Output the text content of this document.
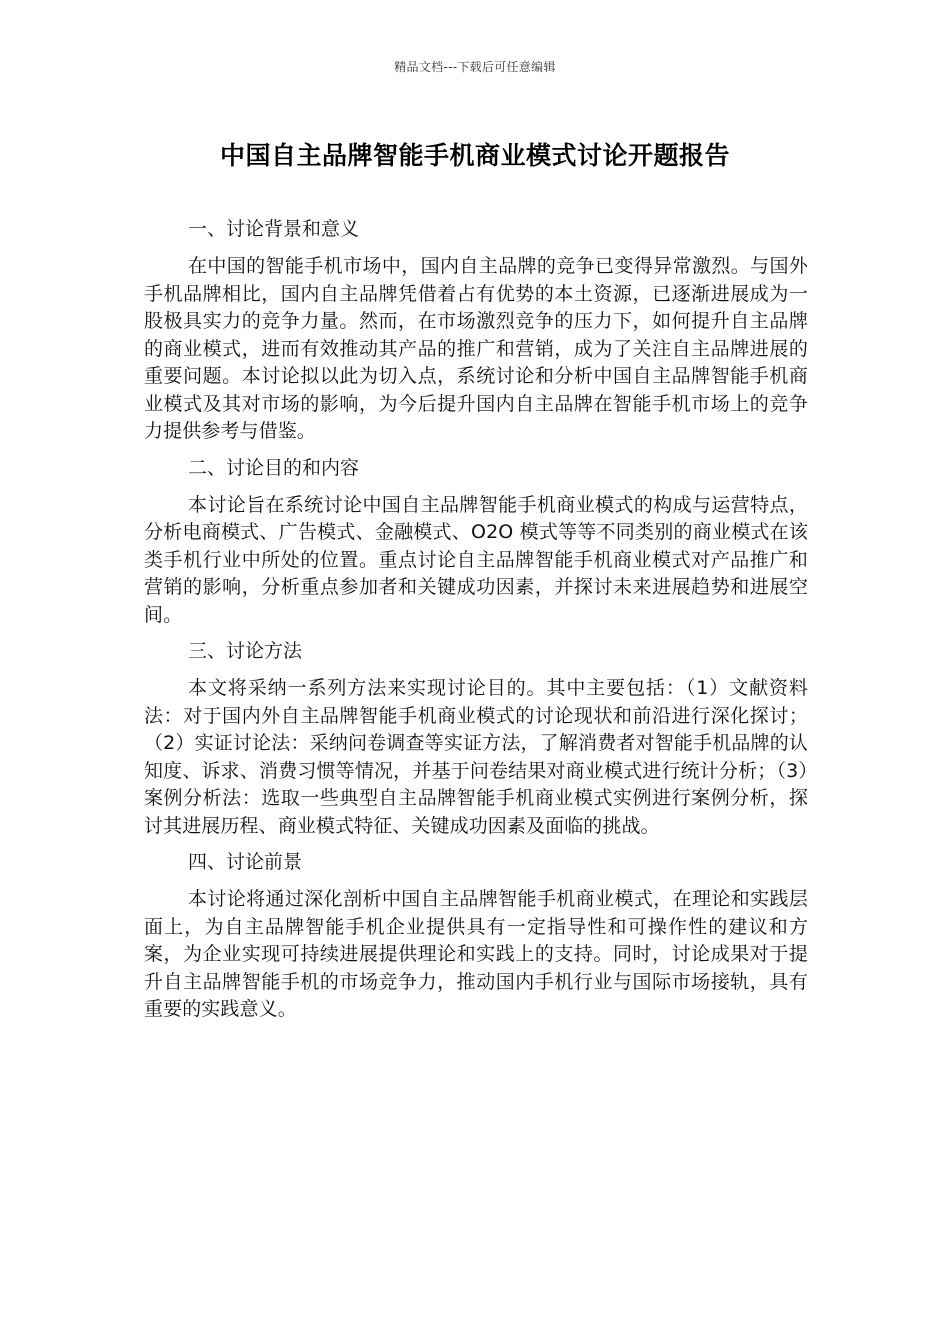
精品文档---下载后可任意编辑
中国自主品牌智能手机商业模式讨论开题报告
一、讨论背景和意义

在中国的智能手机市场中，国内自主品牌的竞争已变得异常激烈。与国外手机品牌相比，国内自主品牌凭借着占有优势的本土资源，已逐渐进展成为一股极具实力的竞争力量。然而，在市场激烈竞争的压力下，如何提升自主品牌的商业模式，进而有效推动其产品的推广和营销，成为了关注自主品牌进展的重要问题。本讨论拟以此为切入点，系统讨论和分析中国自主品牌智能手机商业模式及其对市场的影响，为今后提升国内自主品牌在智能手机市场上的竞争力提供参考与借鉴。

二、讨论目的和内容

本讨论旨在系统讨论中国自主品牌智能手机商业模式的构成与运营特点，分析电商模式、广告模式、金融模式、O2O 模式等等不同类别的商业模式在该类手机行业中所处的位置。重点讨论自主品牌智能手机商业模式对产品推广和营销的影响，分析重点参加者和关键成功因素，并探讨未来进展趋势和进展空间。

三、讨论方法

本文将采纳一系列方法来实现讨论目的。其中主要包括：（1）文献资料法：对于国内外自主品牌智能手机商业模式的讨论现状和前沿进行深化探讨；（2）实证讨论法：采纳问卷调查等实证方法，了解消费者对智能手机品牌的认知度、诉求、消费习惯等情况，并基于问卷结果对商业模式进行统计分析；（3）案例分析法：选取一些典型自主品牌智能手机商业模式实例进行案例分析，探讨其进展历程、商业模式特征、关键成功因素及面临的挑战。

四、讨论前景

本讨论将通过深化剖析中国自主品牌智能手机商业模式，在理论和实践层面上，为自主品牌智能手机企业提供具有一定指导性和可操作性的建议和方案，为企业实现可持续进展提供理论和实践上的支持。同时，讨论成果对于提升自主品牌智能手机的市场竞争力，推动国内手机行业与国际市场接轨，具有重要的实践意义。
